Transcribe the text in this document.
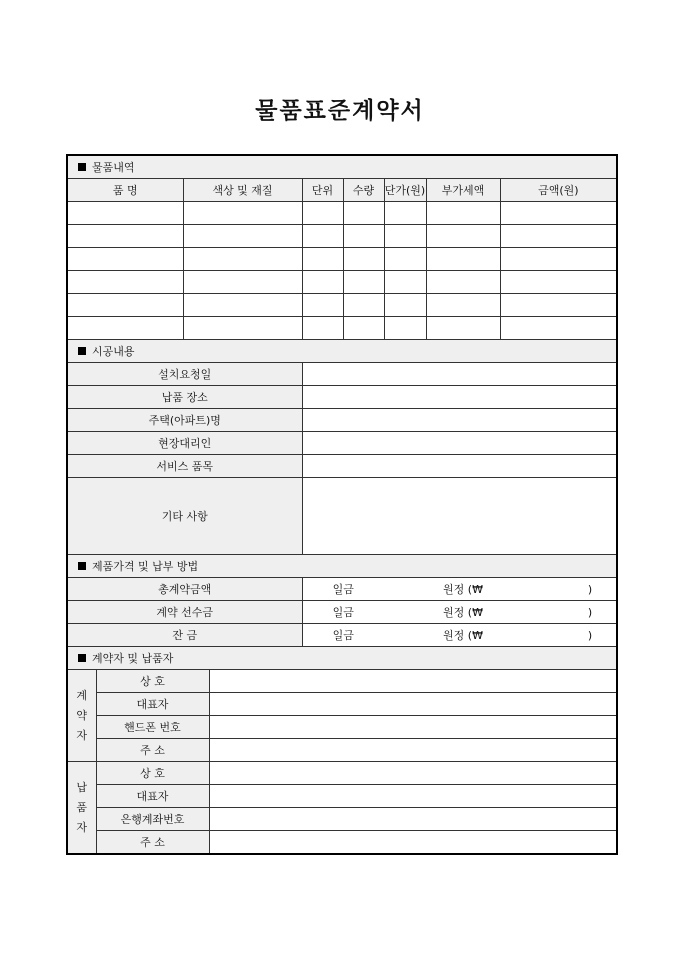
물품표준계약서
물품내역									
품 명		색상 및 재질		단위	수량	단가(원)	부가세액	금액(원)	

시공내용									
설치요청일									
납품 장소									
주택(아파트)명									
현장대리인									
서비스 품목									
기타 사항									
제품가격 및 납부 방법									
총계약금액				일금			원정 (₩		)
계약 선수금				일금			원정 (₩		)
잔 금				일금			원정 (₩		)
계약자 및 납품자									

계
약
자	상 호								
	대표자								
	핸드폰 번호								
	주 소								

납
품
자	상 호								
	대표자								
	은행계좌번호								
	주 소								
